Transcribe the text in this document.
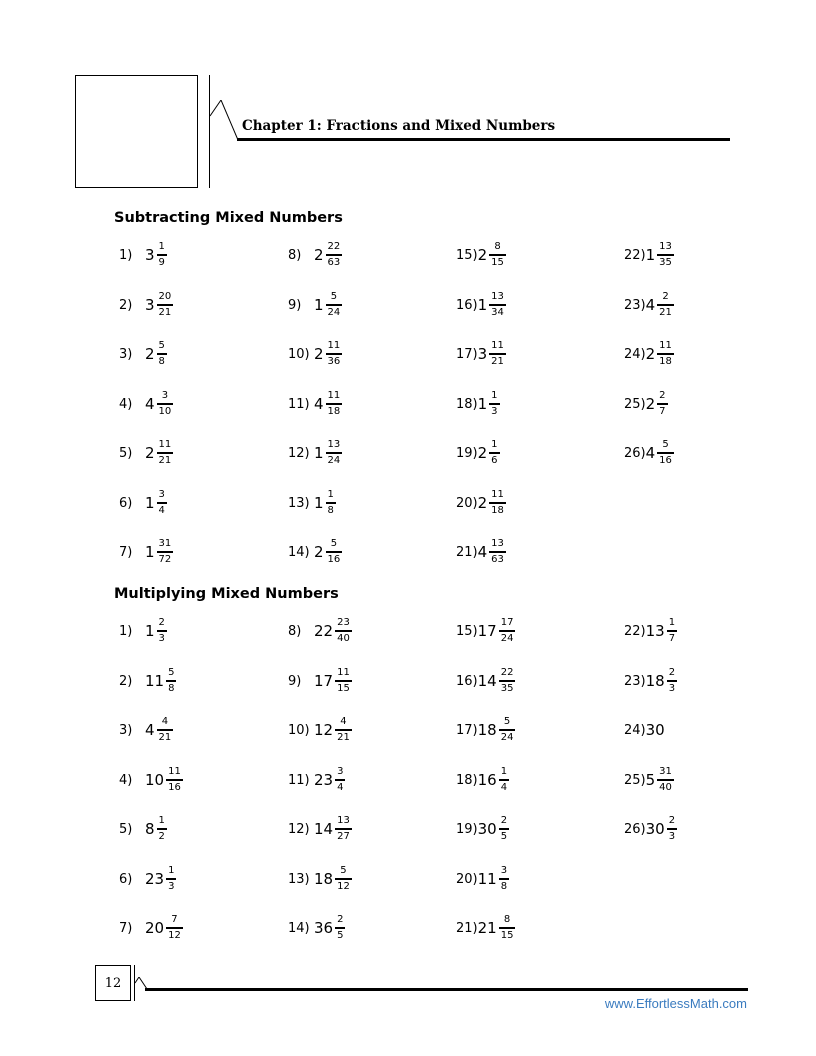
Chapter 1: Fractions and Mixed Numbers
Subtracting Mixed Numbers
Multiplying Mixed Numbers
1) $3 \frac{1}{9}$
2) $3 \frac{20}{21}$
3) $2 \frac{5}{8}$
4) $4 \frac{3}{10}$
5) $2 \frac{11}{21}$
6) $1 \frac{3}{4}$
7) $1 \frac{31}{72}$
8) $2 \frac{22}{63}$
9) $1 \frac{5}{24}$
10) $2 \frac{11}{36}$
11) $4 \frac{11}{18}$
12) $1 \frac{13}{24}$
13) $1 \frac{1}{8}$
14) $2 \frac{5}{16}$
15) $2 \frac{8}{15}$
16) $1 \frac{13}{34}$
17) $3 \frac{11}{21}$
18) $1 \frac{1}{3}$
19) $2 \frac{1}{6}$
20) $2 \frac{11}{18}$
21) $4 \frac{13}{63}$
22) $1 \frac{13}{35}$
23) $4 \frac{2}{21}$
24) $2 \frac{11}{18}$
25) $2 \frac{2}{7}$
26) $4 \frac{5}{16}$
1) $1 \frac{2}{3}$
2) $11 \frac{5}{8}$
3) $4 \frac{4}{21}$
4) $10 \frac{11}{16}$
5) $8 \frac{1}{2}$
6) $23 \frac{1}{3}$
7) $20 \frac{7}{12}$
8) $22 \frac{23}{40}$
9) $17 \frac{11}{15}$
10) $12 \frac{4}{21}$
11) $23 \frac{3}{4}$
12) $14 \frac{13}{27}$
13) $18 \frac{5}{12}$
14) $36 \frac{2}{5}$
15) $17 \frac{17}{24}$
16) $14 \frac{22}{35}$
17) $18 \frac{5}{24}$
18) $16 \frac{1}{4}$
19) $30 \frac{2}{5}$
20) $11 \frac{3}{8}$
21) $21 \frac{8}{15}$
22) $13 \frac{1}{7}$
23) $18 \frac{2}{3}$
24) 30
25) $5 \frac{31}{40}$
26) $30 \frac{2}{3}$
12
www.EffortlessMath.com
